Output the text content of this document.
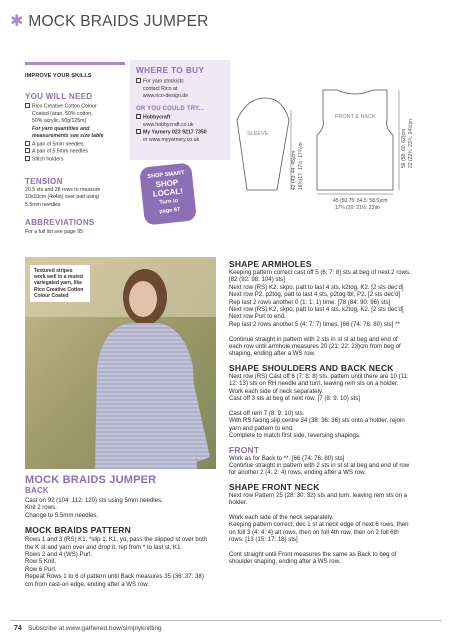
✱ MOCK BRAIDS JUMPER
IMPROVE YOUR SKILLS
YOU WILL NEED
Rico Creative Cotton Colour
Coated (aran, 50% cotton,
50% acrylic, 50g/125m)
For yarn quantities and
measurements see size table
A pair of 5mm needles
A pair of 5.5mm needles
Stitch holders
TENSION
20.5 sts and 28 rows to measure
10x10cm (4x4in) over patt using
5.5mm needles
ABBREVIATIONS
For a full list see page 95
WHERE TO BUY
For yarn stockists
contact Rico at
www.rico-design.de
OR YOU COULD TRY...
Hobbycraft
www.hobbycraft.co.uk
My Yarnery 023 9217 7350
or www.myyarnery.co.uk
SHOP SMART
SHOP
LOCAL!
Turn to
page 87
SLEEVE
42 (43: 44: 45)cm 16½(17: 17½: 17¾)in
FRONT & BACK
56 (58: 60: 62)cm 22 (22¾: 23¾: 24½)in
45 (50.75: 54.5: 58.5)cm
17¾ (20: 21½: 23)in
Textured stripes
work well in a muted
variegated yarn, like
Rico Creative Cotton
Colour Coated
MOCK BRAIDS JUMPER
BACK
Cast on 92 (104: 112: 120) sts using 5mm needles.
Knit 2 rows.
Change to 5.5mm needles.
MOCK BRAIDS PATTERN
Rows 1 and 3 (RS) K1, *slip 1, K1, yo, pass the slipped st over both
the K st and yarn over and drop it, rep from * to last st, K1.
Rows 2 and 4 (WS) Purl.
Row 5 Knit.
Row 6 Purl.
Repeat Rows 1 to 6 of pattern until Back measures 35 (36: 37: 38)
cm from cast-on edge, ending after a WS row.
SHAPE ARMHOLES
Keeping pattern correct cast off 5 (6: 7: 8) sts at beg of next 2 rows.
[82 (92: 98: 104) sts]
Next row (RS) K2, skpo, patt to last 4 sts, k2tog, K2. [2 sts dec'd]
Next row P2, p2tog, patt to last 4 sts, p2tog tbl, P2. [2 sts dec'd]
Rep last 2 rows another 0 (1: 1: 1) time. [78 (84: 90: 96) sts]
Next row (RS) K2, skpo, patt to last 4 sts, k2tog, K2. [2 sts dec'd]
Next row Purl to end.
Rep last 2 rows another 5 (4: 7: 7) times. [66 (74: 76: 80) sts] **
Continue straight in pattern with 2 sts in st st at beg and end of
each row until armhole measures 20 (21: 22: 23)cm from beg of
shaping, ending after a WS row.
SHAPE SHOULDERS AND BACK NECK
Next row (RS) Cast off 6 (7: 8: 8) sts, pattern until there are 10 (11:
12: 13) sts on RH needle and turn, leaving rem sts on a holder.
Work each side of neck separately.
Cast off 3 sts at beg of next row. [7 (8: 9: 10) sts]
Cast off rem 7 (8: 9: 10) sts.
With RS facing slip centre 34 (38: 36: 36) sts onto a holder, rejoin
yarn and pattern to end.
Complete to match first side, reversing shapings.
FRONT
Work as for Back to **. [66 (74: 76: 80) sts]
Continue straight in pattern with 2 sts in st st at beg and end of row
for another 2 (4: 2: 4) rows, ending after a WS row.
SHAPE FRONT NECK
Next row Pattern 25 (28: 30: 32) sts and turn, leaving rem sts on a
holder.
Work each side of the neck separately.
Keeping pattern correct, dec 1 st at neck edge of next 6 rows, then
on foll 3 (4: 4: 4) alt rows, then on foll 4th row, then on 2 foll 6th
rows. [13 (15: 17: 18) sts]
Cont straight until Front measures the same as Back to beg of
shoulder shaping, ending after a WS row.
74 Subscribe at www.gathered.how/simplyknitting
